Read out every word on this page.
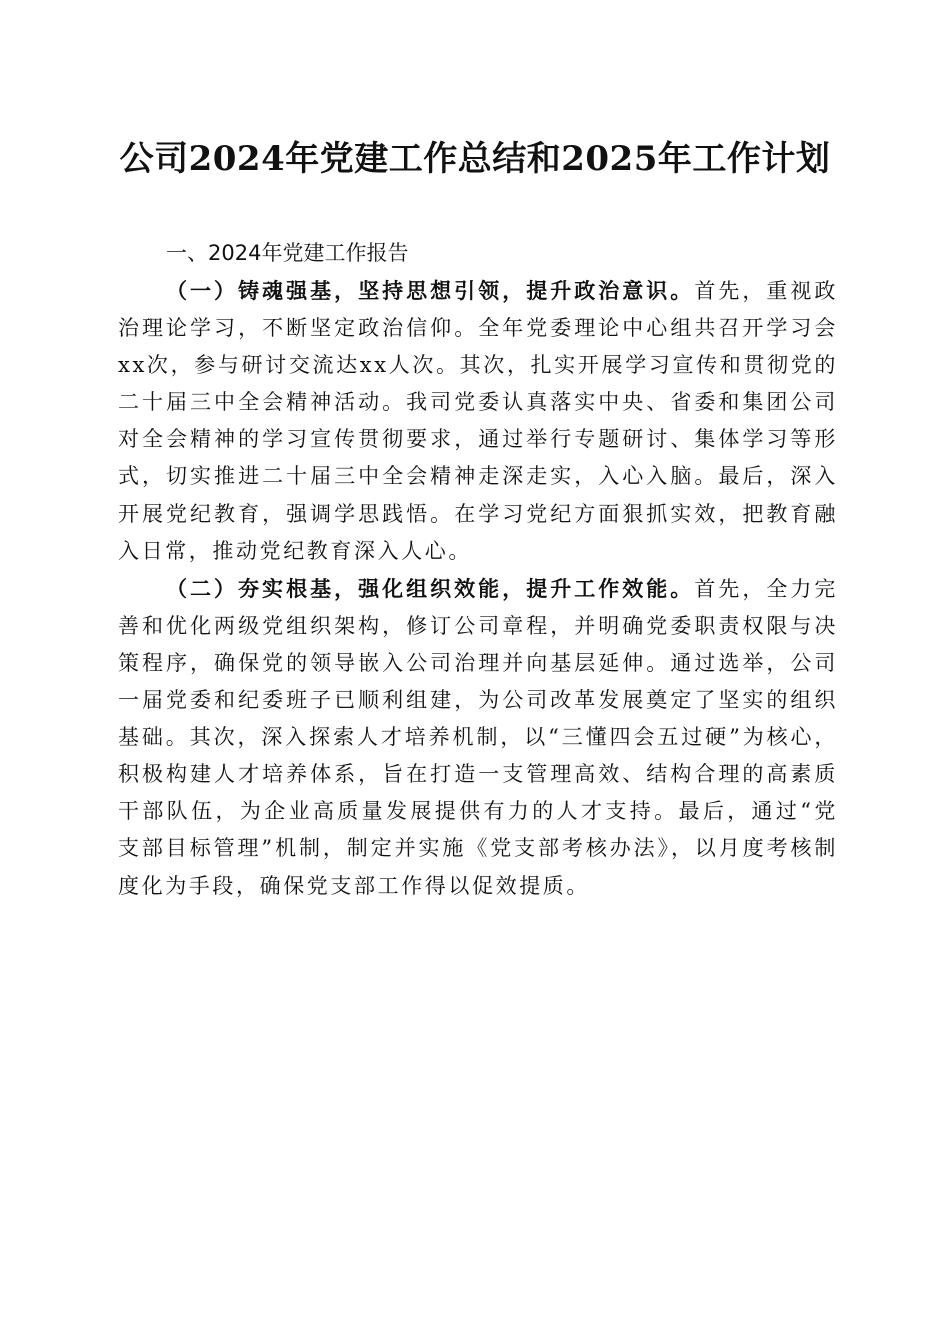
公司2024年党建工作总结和2025年工作计划

一、2024年党建工作报告

（一）铸魂强基，坚持思想引领，提升政治意识。首先，重视政治理论学习，不断坚定政治信仰。全年党委理论中心组共召开学习会xx次，参与研讨交流达xx人次。其次，扎实开展学习宣传和贯彻党的二十届三中全会精神活动。我司党委认真落实中央、省委和集团公司对全会精神的学习宣传贯彻要求，通过举行专题研讨、集体学习等形式，切实推进二十届三中全会精神走深走实，入心入脑。最后，深入开展党纪教育，强调学思践悟。在学习党纪方面狠抓实效，把教育融入日常，推动党纪教育深入人心。

（二）夯实根基，强化组织效能，提升工作效能。首先，全力完善和优化两级党组织架构，修订公司章程，并明确党委职责权限与决策程序，确保党的领导嵌入公司治理并向基层延伸。通过选举，公司一届党委和纪委班子已顺利组建，为公司改革发展奠定了坚实的组织基础。其次，深入探索人才培养机制，以“三懂四会五过硬”为核心，积极构建人才培养体系，旨在打造一支管理高效、结构合理的高素质干部队伍，为企业高质量发展提供有力的人才支持。最后，通过“党支部目标管理”机制，制定并实施《党支部考核办法》，以月度考核制度化为手段，确保党支部工作得以促效提质。
